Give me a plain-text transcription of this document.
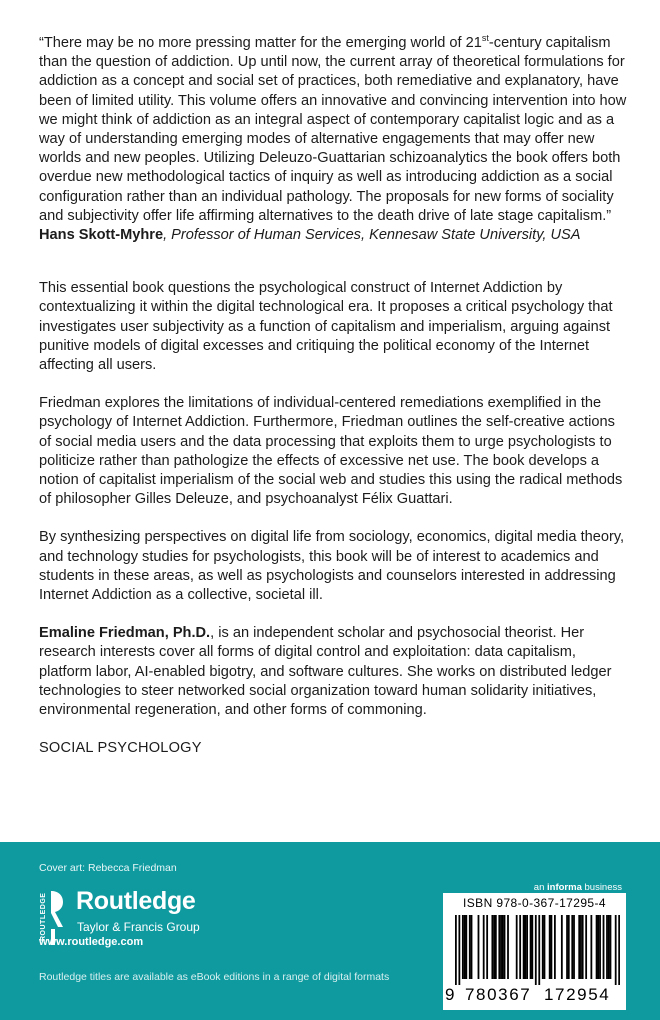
“There may be no more pressing matter for the emerging world of 21st-century capitalism than the question of addiction. Up until now, the current array of theoretical formulations for addiction as a concept and social set of practices, both remediative and explanatory, have been of limited utility. This volume offers an innovative and convincing intervention into how we might think of addiction as an integral aspect of contemporary capitalist logic and as a way of understanding emerging modes of alternative engagements that may offer new worlds and new peoples. Utilizing Deleuzo-Guattarian schizoanalytics the book offers both overdue new methodological tactics of inquiry as well as introducing addiction as a social configuration rather than an individual pathology. The proposals for new forms of sociality and subjectivity offer life affirming alternatives to the death drive of late stage capitalism.”

Hans Skott-Myhre, Professor of Human Services, Kennesaw State University, USA

This essential book questions the psychological construct of Internet Addiction by contextualizing it within the digital technological era. It proposes a critical psychology that investigates user subjectivity as a function of capitalism and imperialism, arguing against punitive models of digital excesses and critiquing the political economy of the Internet affecting all users.

Friedman explores the limitations of individual-centered remediations exemplified in the psychology of Internet Addiction. Furthermore, Friedman outlines the self-creative actions of social media users and the data processing that exploits them to urge psychologists to politicize rather than pathologize the effects of excessive net use. The book develops a notion of capitalist imperialism of the social web and studies this using the radical methods of philosopher Gilles Deleuze, and psychoanalyst Félix Guattari.

By synthesizing perspectives on digital life from sociology, economics, digital media theory, and technology studies for psychologists, this book will be of interest to academics and students in these areas, as well as psychologists and counselors interested in addressing Internet Addiction as a collective, societal ill.

Emaline Friedman, Ph.D., is an independent scholar and psychosocial theorist. Her research interests cover all forms of digital control and exploitation: data capitalism, platform labor, AI-enabled bigotry, and software cultures. She works on distributed ledger technologies to steer networked social organization toward human solidarity initiatives, environmental regeneration, and other forms of commoning.

SOCIAL PSYCHOLOGY

Cover art: Rebecca Friedman
ROUTLEDGE Routledge
Taylor & Francis Group
www.routledge.com
Routledge titles are available as eBook editions in a range of digital formats
an informa business
ISBN 978-0-367-17295-4
9 780367 172954
